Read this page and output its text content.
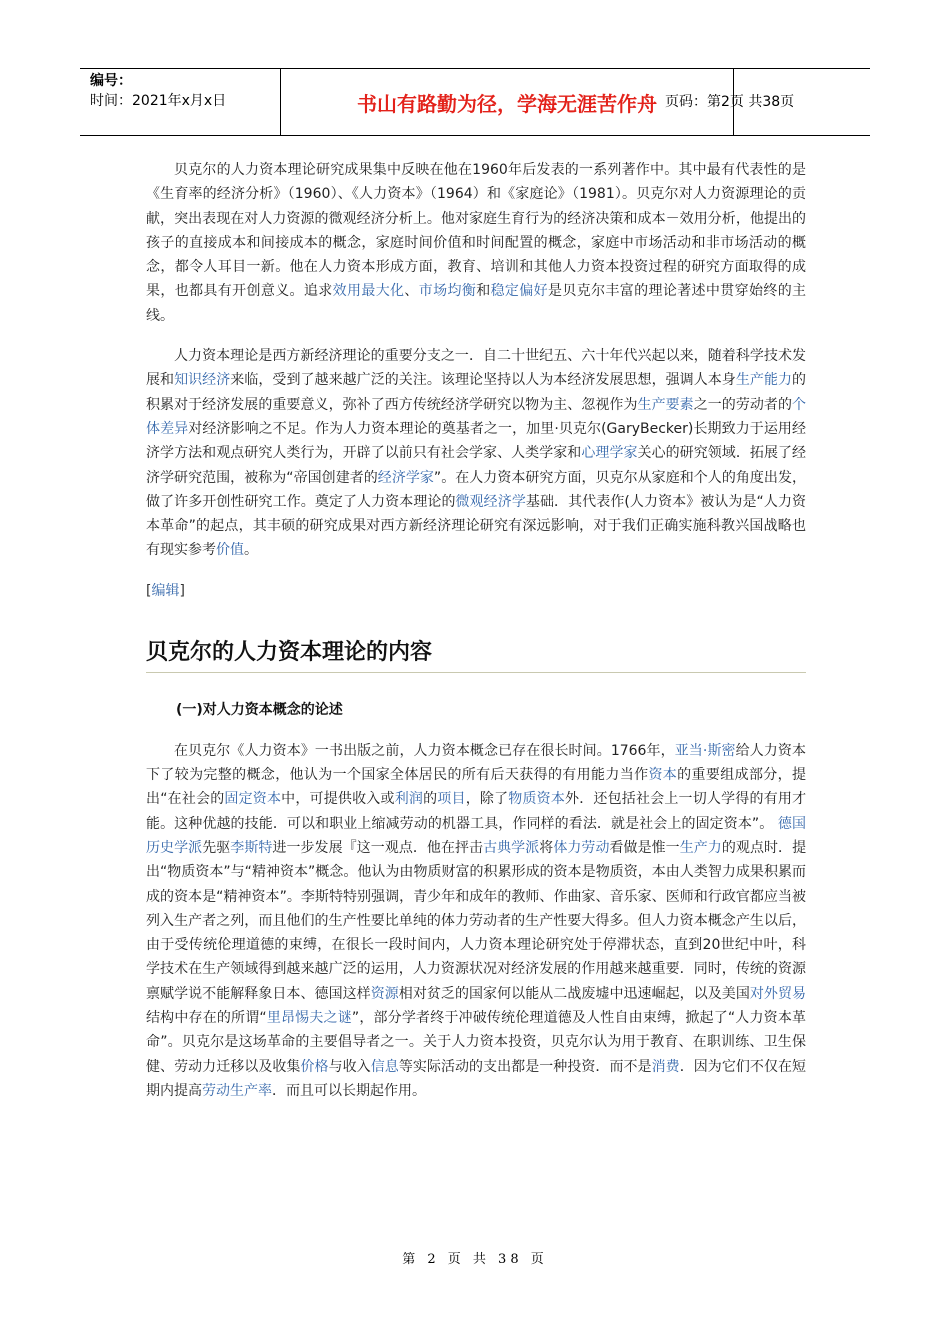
编号：
时间：2021年x月x日	书山有路勤为径，学海无涯苦作舟 页码：第2页 共38页

贝克尔的人力资本理论研究成果集中反映在他在1960年后发表的一系列著作中。其中最有代表性的是《生育率的经济分析》（1960）、《人力资本》（1964）和《家庭论》（1981）。贝克尔对人力资源理论的贡献，突出表现在对人力资源的微观经济分析上。他对家庭生育行为的经济决策和成本－效用分析，他提出的孩子的直接成本和间接成本的概念，家庭时间价值和时间配置的概念，家庭中市场活动和非市场活动的概念，都令人耳目一新。他在人力资本形成方面，教育、培训和其他人力资本投资过程的研究方面取得的成果，也都具有开创意义。追求效用最大化、市场均衡和稳定偏好是贝克尔丰富的理论著述中贯穿始终的主线。

人力资本理论是西方新经济理论的重要分支之一．自二十世纪五、六十年代兴起以来，随着科学技术发展和知识经济来临，受到了越来越广泛的关注。该理论坚持以人为本经济发展思想，强调人本身生产能力的积累对于经济发展的重要意义，弥补了西方传统经济学研究以物为主、忽视作为生产要素之一的劳动者的个体差异对经济影响之不足。作为人力资本理论的奠基者之一，加里·贝克尔(GaryBecker)长期致力于运用经济学方法和观点研究人类行为，开辟了以前只有社会学家、人类学家和心理学家关心的研究领域．拓展了经济学研究范围，被称为“帝国创建者的经济学家”。在人力资本研究方面，贝克尔从家庭和个人的角度出发，做了许多开创性研究工作。奠定了人力资本理论的微观经济学基础．其代表作(人力资本》被认为是“人力资本革命”的起点，其丰硕的研究成果对西方新经济理论研究有深远影响，对于我们正确实施科教兴国战略也有现实参考价值。

[编辑]
贝克尔的人力资本理论的内容
(一)对人力资本概念的论述

在贝克尔《人力资本》一书出版之前，人力资本概念已存在很长时间。1766年，亚当·斯密给人力资本下了较为完整的概念，他认为一个国家全体居民的所有后天获得的有用能力当作资本的重要组成部分，提出“在社会的固定资本中，可提供收入或利润的项目，除了物质资本外．还包括社会上一切人学得的有用才能。这种优越的技能．可以和职业上缩减劳动的机器工具，作同样的看法．就是社会上的固定资本”。 德国历史学派先驱李斯特进一步发展『这一观点．他在抨击古典学派将体力劳动看做是惟一生产力的观点时．提出“物质资本”与“精神资本”概念。他认为由物质财富的积累形成的资本是物质资，本由人类智力成果积累而成的资本是“精神资本”。李斯特特别强调，青少年和成年的教师、作曲家、音乐家、医师和行政官都应当被列入生产者之列，而且他们的生产性要比单纯的体力劳动者的生产性要大得多。但人力资本概念产生以后，由于受传统伦理道德的束缚，在很长一段时间内，人力资本理论研究处于停滞状态，直到20世纪中叶，科学技术在生产领域得到越来越广泛的运用，人力资源状况对经济发展的作用越来越重要．同时，传统的资源禀赋学说不能解释象日本、德国这样资源相对贫乏的国家何以能从二战废墟中迅速崛起，以及美国对外贸易结构中存在的所谓“里昂惕夫之谜”，部分学者终于冲破传统伦理道德及人性自由束缚，掀起了“人力资本革命”。贝克尔是这场革命的主要倡导者之一。关于人力资本投资，贝克尔认为用于教育、在职训练、卫生保健、劳动力迁移以及收集价格与收入信息等实际活动的支出都是一种投资．而不是消费．因为它们不仅在短期内提高劳动生产率．而且可以长期起作用。

第 2 页 共 38 页
